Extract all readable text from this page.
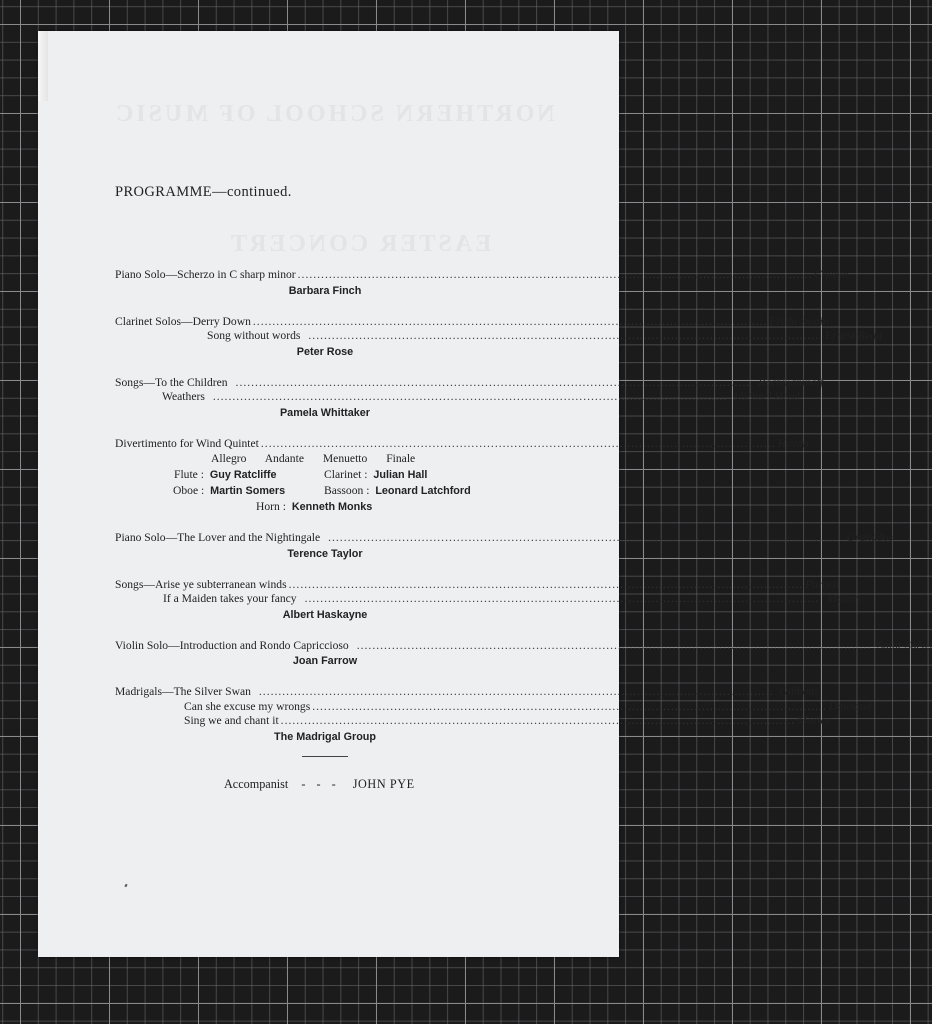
NORTHERN SCHOOL OF MUSIC
EASTER CONCERT
PROGRAMME—continued.
Piano Solo—Scherzo in C sharp minor .................................................................................................................................... Chopin
Barbara Finch
Clarinet Solos—Derry Down .................................................................................................................................... Freda Swain
Song without words .................................................................................................................................... Ernest Read
Peter Rose
Songs—To the Children .................................................................................................................................... Rachmaninoff
Weathers .................................................................................................................................... Michael Head
Pamela Whittaker
Divertimento for Wind Quintet .................................................................................................................................... Haydn
Allegro Andante Menuetto Finale
Flute : Guy Ratcliffe	Clarinet : Julian Hall
Oboe : Martin Somers	Bassoon : Leonard Latchford
Horn : Kenneth Monks
Piano Solo—The Lover and the Nightingale .................................................................................................................................... Granados
Terence Taylor
Songs—Arise ye subterranean winds .................................................................................................................................... Purcell
If a Maiden takes your fancy .................................................................................................................................... Mozart
Albert Haskayne
Violin Solo—Introduction and Rondo Capriccioso .................................................................................................................................... Saint-Saëns
Joan Farrow
Madrigals—The Silver Swan .................................................................................................................................... Gibbons
Can she excuse my wrongs .................................................................................................................................... Dowland
Sing we and chant it .................................................................................................................................... Morley
The Madrigal Group
Accompanist - - - JOHN PYE
